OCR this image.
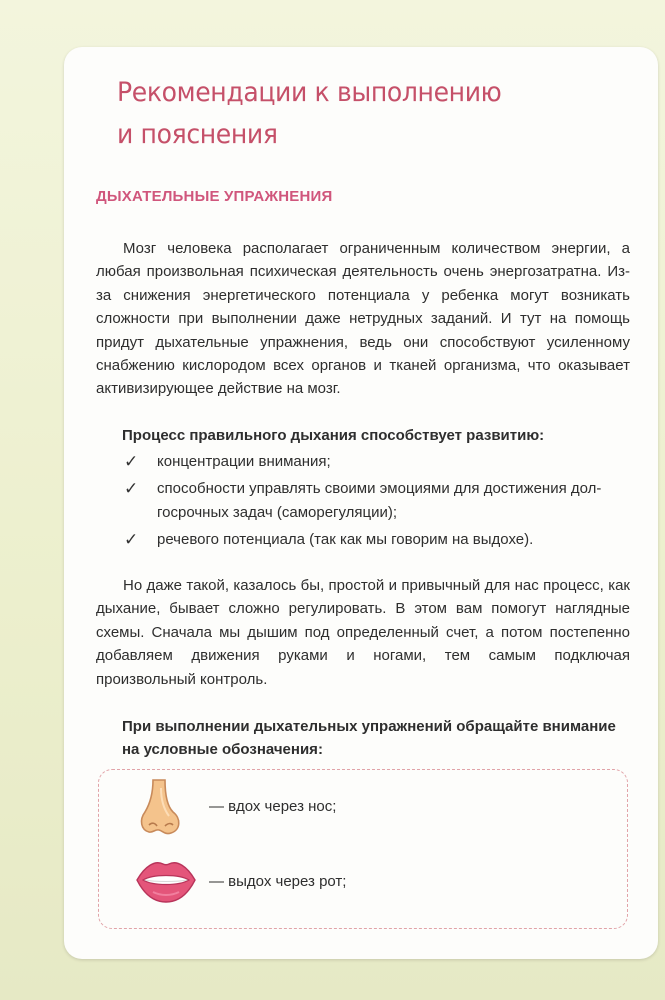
Рекомендации к выполнению
и пояснения
ДЫХАТЕЛЬНЫЕ УПРАЖНЕНИЯ

Мозг человека располагает ограниченным количеством энергии, а любая произвольная психическая деятельность очень энергозатратна. Из-за снижения энергетического потенциала у ребенка могут возникать сложности при выполнении даже нетрудных заданий. И тут на помощь придут дыхательные упражнения, ведь они способствуют усиленному снабжению кислородом всех органов и тканей организма, что оказывает активизирующее действие на мозг.

Процесс правильного дыхания способствует развитию:

✓ концентрации внимания;
✓ способности управлять своими эмоциями для достижения долгосрочных задач (саморегуляции);
✓ речевого потенциала (так как мы говорим на выдохе).

Но даже такой, казалось бы, простой и привычный для нас процесс, как дыхание, бывает сложно регулировать. В этом вам помогут наглядные схемы. Сначала мы дышим под определенный счет, а потом постепенно добавляем движения руками и ногами, тем самым подключая произвольный контроль.

При выполнении дыхательных упражнений обращайте внимание на условные обозначения:

— вдох через нос;
— выдох через рот;
